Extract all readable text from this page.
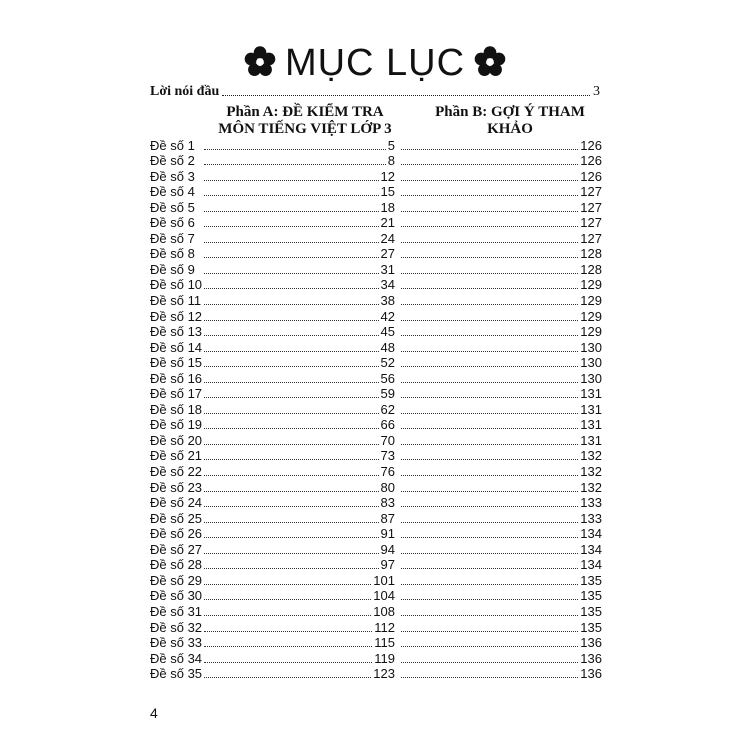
MỤC LỤC
Lời nói đầu	3
Phần A: ĐỀ KIỂM TRA
MÔN TIẾNG VIỆT LỚP 3
Phần B: GỢI Ý THAM KHẢO
Đề số 1	5	126
Đề số 2	8	126
Đề số 3	12	126
Đề số 4	15	127
Đề số 5	18	127
Đề số 6	21	127
Đề số 7	24	127
Đề số 8	27	128
Đề số 9	31	128
Đề số 10	34	129
Đề số 11	38	129
Đề số 12	42	129
Đề số 13	45	129
Đề số 14	48	130
Đề số 15	52	130
Đề số 16	56	130
Đề số 17	59	131
Đề số 18	62	131
Đề số 19	66	131
Đề số 20	70	131
Đề số 21	73	132
Đề số 22	76	132
Đề số 23	80	132
Đề số 24	83	133
Đề số 25	87	133
Đề số 26	91	134
Đề số 27	94	134
Đề số 28	97	134
Đề số 29	101	135
Đề số 30	104	135
Đề số 31	108	135
Đề số 32	112	135
Đề số 33	115	136
Đề số 34	119	136
Đề số 35	123	136
4
